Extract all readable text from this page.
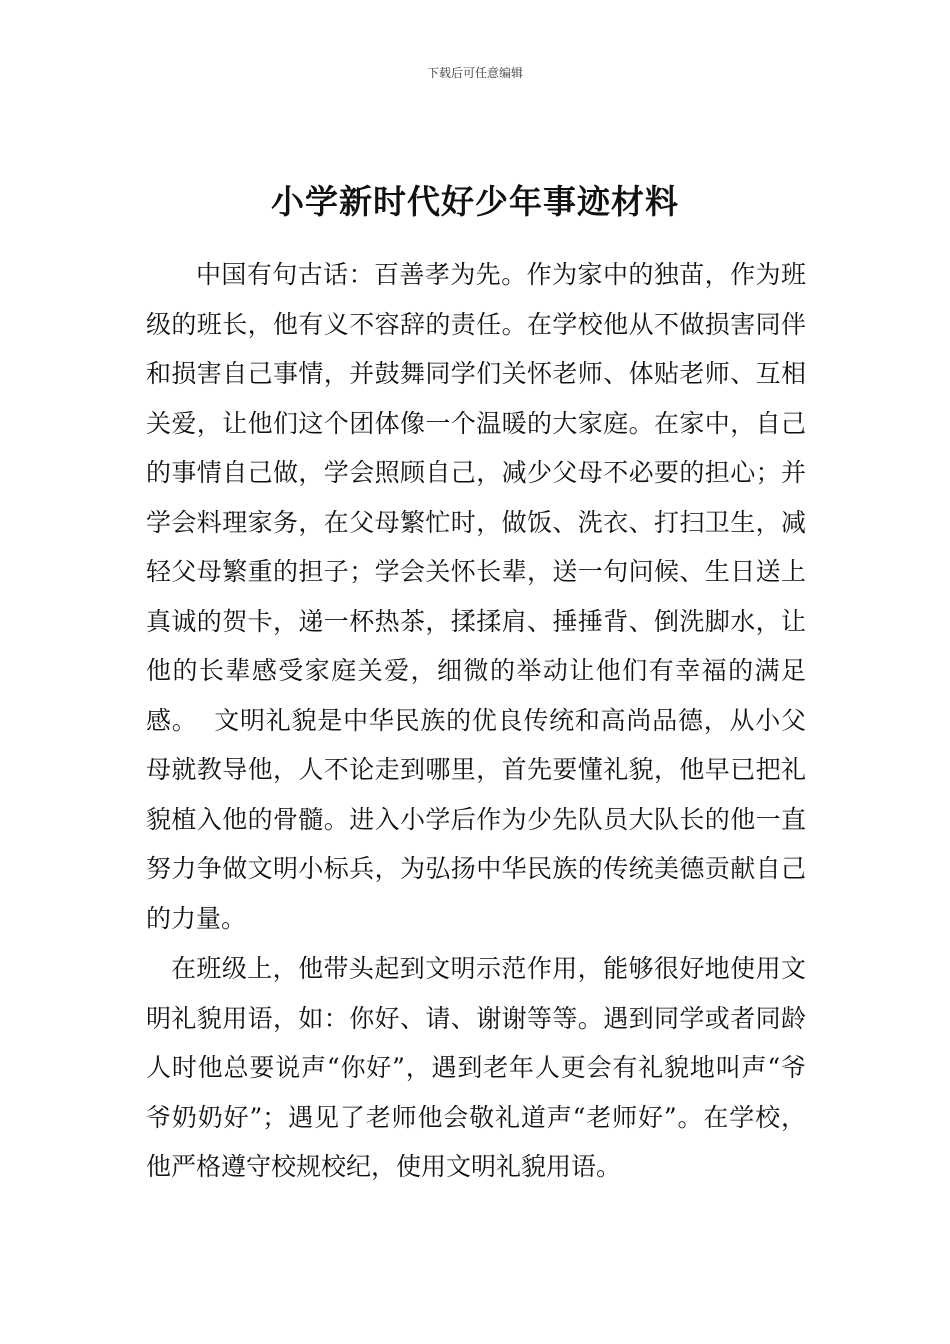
下载后可任意编辑
小学新时代好少年事迹材料

中国有句古话：百善孝为先。作为家中的独苗，作为班级的班长，他有义不容辞的责任。在学校他从不做损害同伴和损害自己事情，并鼓舞同学们关怀老师、体贴老师、互相关爱，让他们这个团体像一个温暖的大家庭。在家中，自己的事情自己做，学会照顾自己，减少父母不必要的担心；并学会料理家务，在父母繁忙时，做饭、洗衣、打扫卫生，减轻父母繁重的担子；学会关怀长辈，送一句问候、生日送上真诚的贺卡，递一杯热茶，揉揉肩、捶捶背、倒洗脚水，让他的长辈感受家庭关爱，细微的举动让他们有幸福的满足感。 文明礼貌是中华民族的优良传统和高尚品德，从小父母就教导他，人不论走到哪里，首先要懂礼貌，他早已把礼貌植入他的骨髓。进入小学后作为少先队员大队长的他一直努力争做文明小标兵，为弘扬中华民族的传统美德贡献自己的力量。

在班级上，他带头起到文明示范作用，能够很好地使用文明礼貌用语，如：你好、请、谢谢等等。遇到同学或者同龄人时他总要说声“你好”，遇到老年人更会有礼貌地叫声“爷爷奶奶好”；遇见了老师他会敬礼道声“老师好”。在学校，他严格遵守校规校纪，使用文明礼貌用语。
